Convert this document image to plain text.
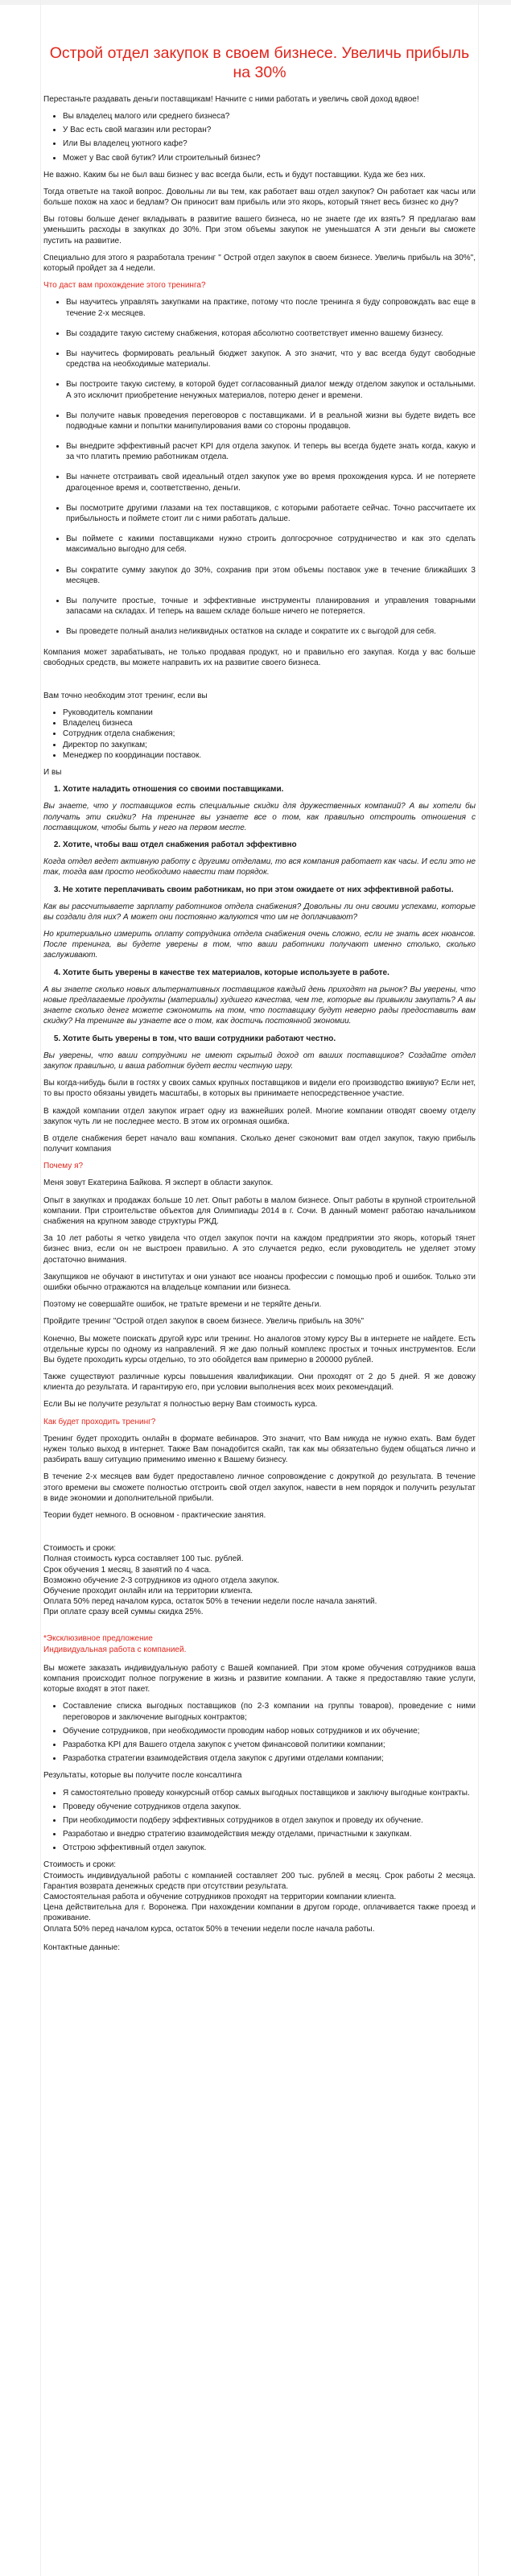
Острой отдел закупок в своем бизнесе. Увеличь прибыль на 30%

Перестаньте раздавать деньги поставщикам! Начните с ними работать и увеличь свой доход вдвое!

• Вы владелец малого или среднего бизнеса?
• У Вас есть свой магазин или ресторан?
• Или Вы владелец уютного кафе?
• Может у Вас свой бутик? Или строительный бизнес?

Не важно. Каким бы не был ваш бизнес у вас всегда были, есть и будут поставщики. Куда же без них.

Тогда ответьте на такой вопрос. Довольны ли вы тем, как работает ваш отдел закупок? Он работает как часы или больше похож на хаос и бедлам? Он приносит вам прибыль или это якорь, который тянет весь бизнес ко дну?

Вы готовы больше денег вкладывать в развитие вашего бизнеса, но не знаете где их взять? Я предлагаю вам уменьшить расходы в закупках до 30%. При этом объемы закупок не уменьшатся А эти деньги вы сможете пустить на развитие.

Специально для этого я разработала тренинг " Острой отдел закупок в своем бизнесе. Увеличь прибыль на 30%", который пройдет за 4 недели.

Что даст вам прохождение этого тренинга?

• Вы научитесь управлять закупками на практике, потому что после тренинга я буду сопровождать вас еще в течение 2-х месяцев.
• Вы создадите такую систему снабжения, которая абсолютно соответствует именно вашему бизнесу.
• Вы научитесь формировать реальный бюджет закупок. А это значит, что у вас всегда будут свободные средства на необходимые материалы.
• Вы построите такую систему, в которой будет согласованный диалог между отделом закупок и остальными. А это исключит приобретение ненужных материалов, потерю денег и времени.
• Вы получите навык проведения переговоров с поставщиками. И в реальной жизни вы будете видеть все подводные камни и попытки манипулирования вами со стороны продавцов.
• Вы внедрите эффективный расчет KPI для отдела закупок. И теперь вы всегда будете знать когда, какую и за что платить премию работникам отдела.
• Вы начнете отстраивать свой идеальный отдел закупок уже во время прохождения курса. И не потеряете драгоценное время и, соответственно, деньги.
• Вы посмотрите другими глазами на тех поставщиков, с которыми работаете сейчас. Точно рассчитаете их прибыльность и поймете стоит ли с ними работать дальше.
• Вы поймете с какими поставщиками нужно строить долгосрочное сотрудничество и как это сделать максимально выгодно для себя.
• Вы сократите сумму закупок до 30%, сохранив при этом объемы поставок уже в течение ближайших 3 месяцев.
• Вы получите простые, точные и эффективные инструменты планирования и управления товарными запасами на складах. И теперь на вашем складе больше ничего не потеряется.
• Вы проведете полный анализ неликвидных остатков на складе и сократите их с выгодой для себя.

Компания может зарабатывать, не только продавая продукт, но и правильно его закупая. Когда у вас больше свободных средств, вы можете направить их на развитие своего бизнеса.

Вам точно необходим этот тренинг, если вы

• Руководитель компании
• Владелец бизнеса
• Сотрудник отдела снабжения;
• Директор по закупкам;
• Менеджер по координации поставок.

И вы

1. Хотите наладить отношения со своими поставщиками.

Вы знаете, что у поставщиков есть специальные скидки для дружественных компаний? А вы хотели бы получать эти скидки? На тренинге вы узнаете все о том, как правильно отстроить отношения с поставщиком, чтобы быть у него на первом месте.

2. Хотите, чтобы ваш отдел снабжения работал эффективно

Когда отдел ведет активную работу с другими отделами, то вся компания работает как часы. И если это не так, тогда вам просто необходимо навести там порядок.

3. Не хотите переплачивать своим работникам, но при этом ожидаете от них эффективной работы.

Как вы рассчитываете зарплату работников отдела снабжения? Довольны ли они своими успехами, которые вы создали для них? А может они постоянно жалуются что им не доплачивают?

Но критериально измерить оплату сотрудника отдела снабжения очень сложно, если не знать всех нюансов. После тренинга, вы будете уверены в том, что ваши работники получают именно столько, сколько заслуживают.

4. Хотите быть уверены в качестве тех материалов, которые используете в работе.

А вы знаете сколько новых альтернативных поставщиков каждый день приходят на рынок? Вы уверены, что новые предлагаемые продукты (материалы) худшего качества, чем те, которые вы привыкли закупать? А вы знаете сколько денег можете сэкономить на том, что поставщику будут неверно рады предоставить вам скидку? На тренинге вы узнаете все о том, как достичь постоянной экономии.

5. Хотите быть уверены в том, что ваши сотрудники работают честно.

Вы уверены, что ваши сотрудники не имеют скрытый доход от ваших поставщиков? Создайте отдел закупок правильно, и ваша работник будет вести честную игру.

Вы когда-нибудь были в гостях у своих самых крупных поставщиков и видели его производство вживую? Если нет, то вы просто обязаны увидеть масштабы, в которых вы принимаете непосредственное участие.

В каждой компании отдел закупок играет одну из важнейших ролей. Многие компании отводят своему отделу закупок чуть ли не последнее место. В этом их огромная ошибка.

В отделе снабжения берет начало ваш компания. Сколько денег сэкономит вам отдел закупок, такую прибыль получит компания

Почему я?

Меня зовут Екатерина Байкова. Я эксперт в области закупок.

Опыт в закупках и продажах больше 10 лет. Опыт работы в малом бизнесе. Опыт работы в крупной строительной компании. При строительстве объектов для Олимпиады 2014 в г. Сочи. В данный момент работаю начальником снабжения на крупном заводе структуры РЖД.

За 10 лет работы я четко увидела что отдел закупок почти на каждом предприятии это якорь, который тянет бизнес вниз, если он не выстроен правильно. А это случается редко, если руководитель не уделяет этому достаточно внимания.

Закупщиков не обучают в институтах и они узнают все нюансы профессии с помощью проб и ошибок. Только эти ошибки обычно отражаются на владельце компании или бизнеса.

Поэтому не совершайте ошибок, не тратьте времени и не теряйте деньги.

Пройдите тренинг "Острой отдел закупок в своем бизнесе. Увеличь прибыль на 30%"

Конечно, Вы можете поискать другой курс или тренинг. Но аналогов этому курсу Вы в интернете не найдете. Есть отдельные курсы по одному из направлений. Я же даю полный комплекс простых и точных инструментов. Если Вы будете проходить курсы отдельно, то это обойдется вам примерно в 200000 рублей.

Также существуют различные курсы повышения квалификации. Они проходят от 2 до 5 дней. Я же довожу клиента до результата. И гарантирую его, при условии выполнения всех моих рекомендаций.

Если Вы не получите результат я полностью верну Вам стоимость курса.

Как будет проходить тренинг?

Тренинг будет проходить онлайн в формате вебинаров. Это значит, что Вам никуда не нужно ехать. Вам будет нужен только выход в интернет. Также Вам понадобится скайп, так как мы обязательно будем общаться лично и разбирать вашу ситуацию применимо именно к Вашему бизнесу.

В течение 2-х месяцев вам будет предоставлено личное сопровождение с докруткой до результата. В течение этого времени вы сможете полностью отстроить свой отдел закупок, навести в нем порядок и получить результат в виде экономии и дополнительной прибыли.

Теории будет немного. В основном - практические занятия.

Стоимость и сроки:

Полная стоимость курса составляет 100 тыс. рублей.

Срок обучения 1 месяц, 8 занятий по 4 часа.

Возможно обучение 2-3 сотрудников из одного отдела закупок.

Обучение проходит онлайн или на территории клиента.

Оплата 50% перед началом курса, остаток 50% в течении недели после начала занятий.

При оплате сразу всей суммы скидка 25%.

*Эксклюзивное предложение

Индивидуальная работа с компанией.

Вы можете заказать индивидуальную работу с Вашей компанией. При этом кроме обучения сотрудников ваша компания происходит полное погружение в жизнь и развитие компании. А также я предоставляю такие услуги, которые входят в этот пакет.

• Составление списка выгодных поставщиков (по 2-3 компании на группы товаров), проведение с ними переговоров и заключение выгодных контрактов;
• Обучение сотрудников, при необходимости проводим набор новых сотрудников и их обучение;
• Разработка KPI для Вашего отдела закупок с учетом финансовой политики компании;
• Разработка стратегии взаимодействия отдела закупок с другими отделами компании;

Результаты, которые вы получите после консалтинга

• Я самостоятельно проведу конкурсный отбор самых выгодных поставщиков и заключу выгодные контракты.
• Проведу обучение сотрудников отдела закупок.
• При необходимости подберу эффективных сотрудников в отдел закупок и проведу их обучение.
• Разработаю и внедрю стратегию взаимодействия между отделами, причастными к закупкам.
• Отстрою эффективный отдел закупок.

Стоимость и сроки:

Стоимость индивидуальной работы с компанией составляет 200 тыс. рублей в месяц. Срок работы 2 месяца. Гарантия возврата денежных средств при отсутствии результата.

Самостоятельная работа и обучение сотрудников проходят на территории компании клиента.

Цена действительна для г. Воронежа. При нахождении компании в другом городе, оплачивается также проезд и проживание.

Оплата 50% перед началом курса, остаток 50% в течении недели после начала работы.

Контактные данные:
